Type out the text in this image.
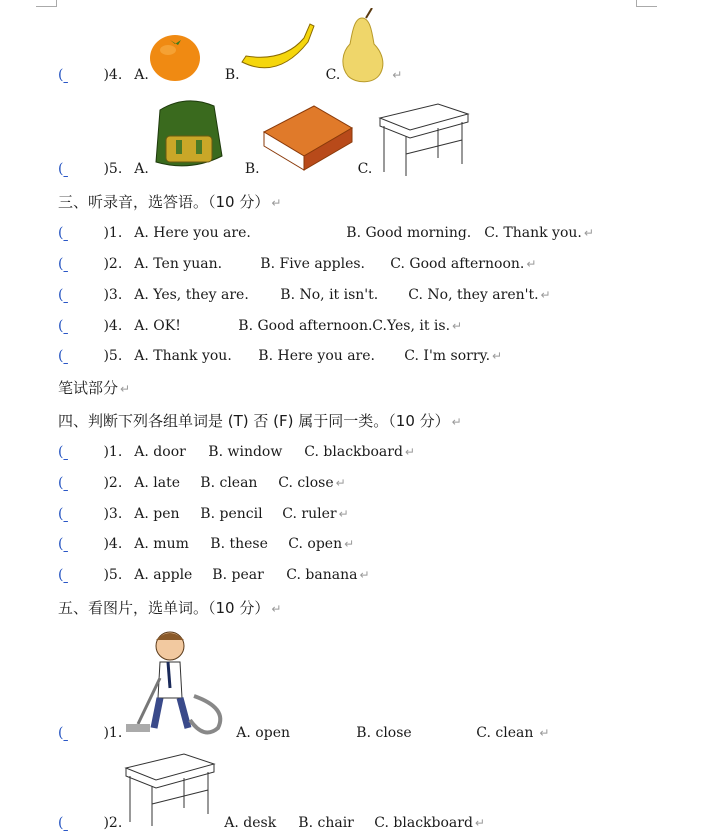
(	)4. A.	B.	C.	↵
(	)5. A.	B.	C.
三、听录音，选答语。（10 分） ↵
(	)1. A. Here you are.	B. Good morning. C. Thank you. ↵
(	)2. A. Ten yuan.	B. Five apples.	C. Good afternoon. ↵
(	)3. A. Yes, they are.	B. No, it isn't.	C. No, they aren't. ↵
(	)4. A. OK!	B. Good afternoon. C.Yes, it is. ↵
(	)5. A. Thank you.	B. Here you are.	C. I'm sorry. ↵
笔试部分 ↵
四、判断下列各组单词是 (T) 否 (F) 属于同一类。（10 分） ↵
(	)1. A. door	B. window	C. blackboard ↵
(	)2. A. late	B. clean	C. close ↵
(	)3. A. pen	B. pencil	C. ruler ↵
(	)4. A. mum	B. these	C. open ↵
(	)5. A. apple	B. pear	C. banana ↵
五、看图片，选单词。（10 分） ↵
(	)1.	A. open	B. close	C. clean ↵
(	)2.	A. desk	B. chair	C. blackboard ↵
